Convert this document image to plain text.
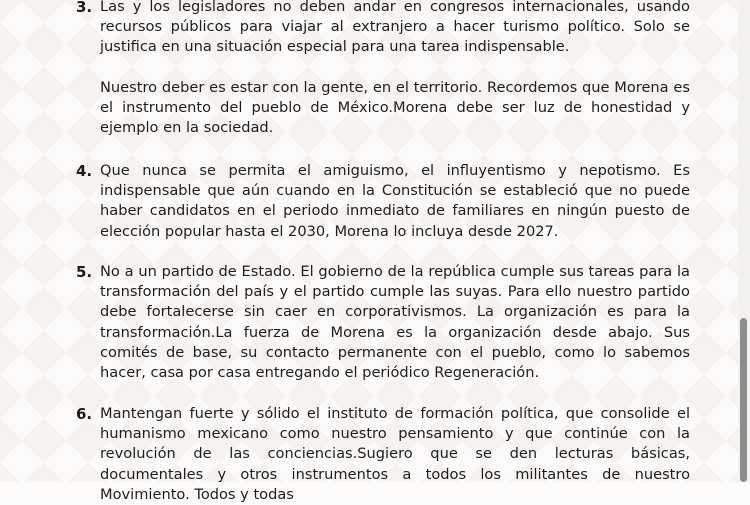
3. Las y los legisladores no deben andar en congresos internacionales, usando recursos públicos para viajar al extranjero a hacer turismo político. Solo se justifica en una situación especial para una tarea indispensable.

Nuestro deber es estar con la gente, en el territorio. Recordemos que Morena es el instrumento del pueblo de México.Morena debe ser luz de honestidad y ejemplo en la sociedad.

4. Que nunca se permita el amiguismo, el influyentismo y nepotismo. Es indispensable que aún cuando en la Constitución se estableció que no puede haber candidatos en el periodo inmediato de familiares en ningún puesto de elección popular hasta el 2030, Morena lo incluya desde 2027.

5. No a un partido de Estado. El gobierno de la república cumple sus tareas para la transformación del país y el partido cumple las suyas. Para ello nuestro partido debe fortalecerse sin caer en corporativismos. La organización es para la transformación.La fuerza de Morena es la organización desde abajo. Sus comités de base, su contacto permanente con el pueblo, como lo sabemos hacer, casa por casa entregando el periódico Regeneración.

6. Mantengan fuerte y sólido el instituto de formación política, que consolide el humanismo mexicano como nuestro pensamiento y que continúe con la revolución de las conciencias.Sugiero que se den lecturas básicas, documentales y otros instrumentos a todos los militantes de nuestro Movimiento. Todos y todas
